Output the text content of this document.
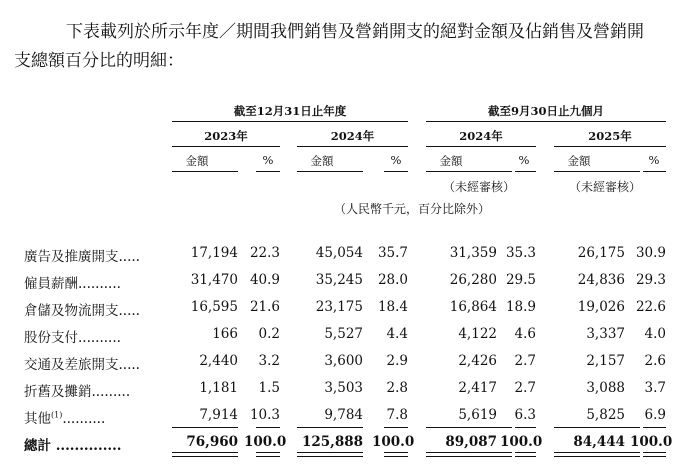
下表載列於所示年度／期間我們銷售及營銷開支的絕對金額及佔銷售及營銷開
支總額百分比的明細：
截至12月31日止年度	截至9月30日止九個月
2023年	2024年	2024年	2025年
金額	%	金額	%	金額	%	金額	%
（未經審核）	（未經審核）
（人民幣千元，百分比除外）
廣告及推廣開支.....	17,194 22.3	45,054	35.7	31,359 35.3	26,175 30.9
僱員薪酬..........	31,470 40.9	35,245	28.0	26,280 29.5	24,836 29.3
倉儲及物流開支.....	16,595 21.6	23,175	18.4	16,864 18.9	19,026 22.6
股份支付..........	166	0.2	5,527	4.4	4,122	4.6	3,337	4.0
交通及差旅開支.....	2,440	3.2	3,600	2.9	2,426	2.7	2,157	2.6
折舊及攤銷.........	1,181	1.5	3,503	2.8	2,417	2.7	3,088	3.7
其他$^{(1)}$..........	7,914 10.3	9,784	7.8	5,619	6.3	5,825	6.9
總計 ..............	76,960 100.0	125,888 100.0	89,087 100.0	84,444 100.0
